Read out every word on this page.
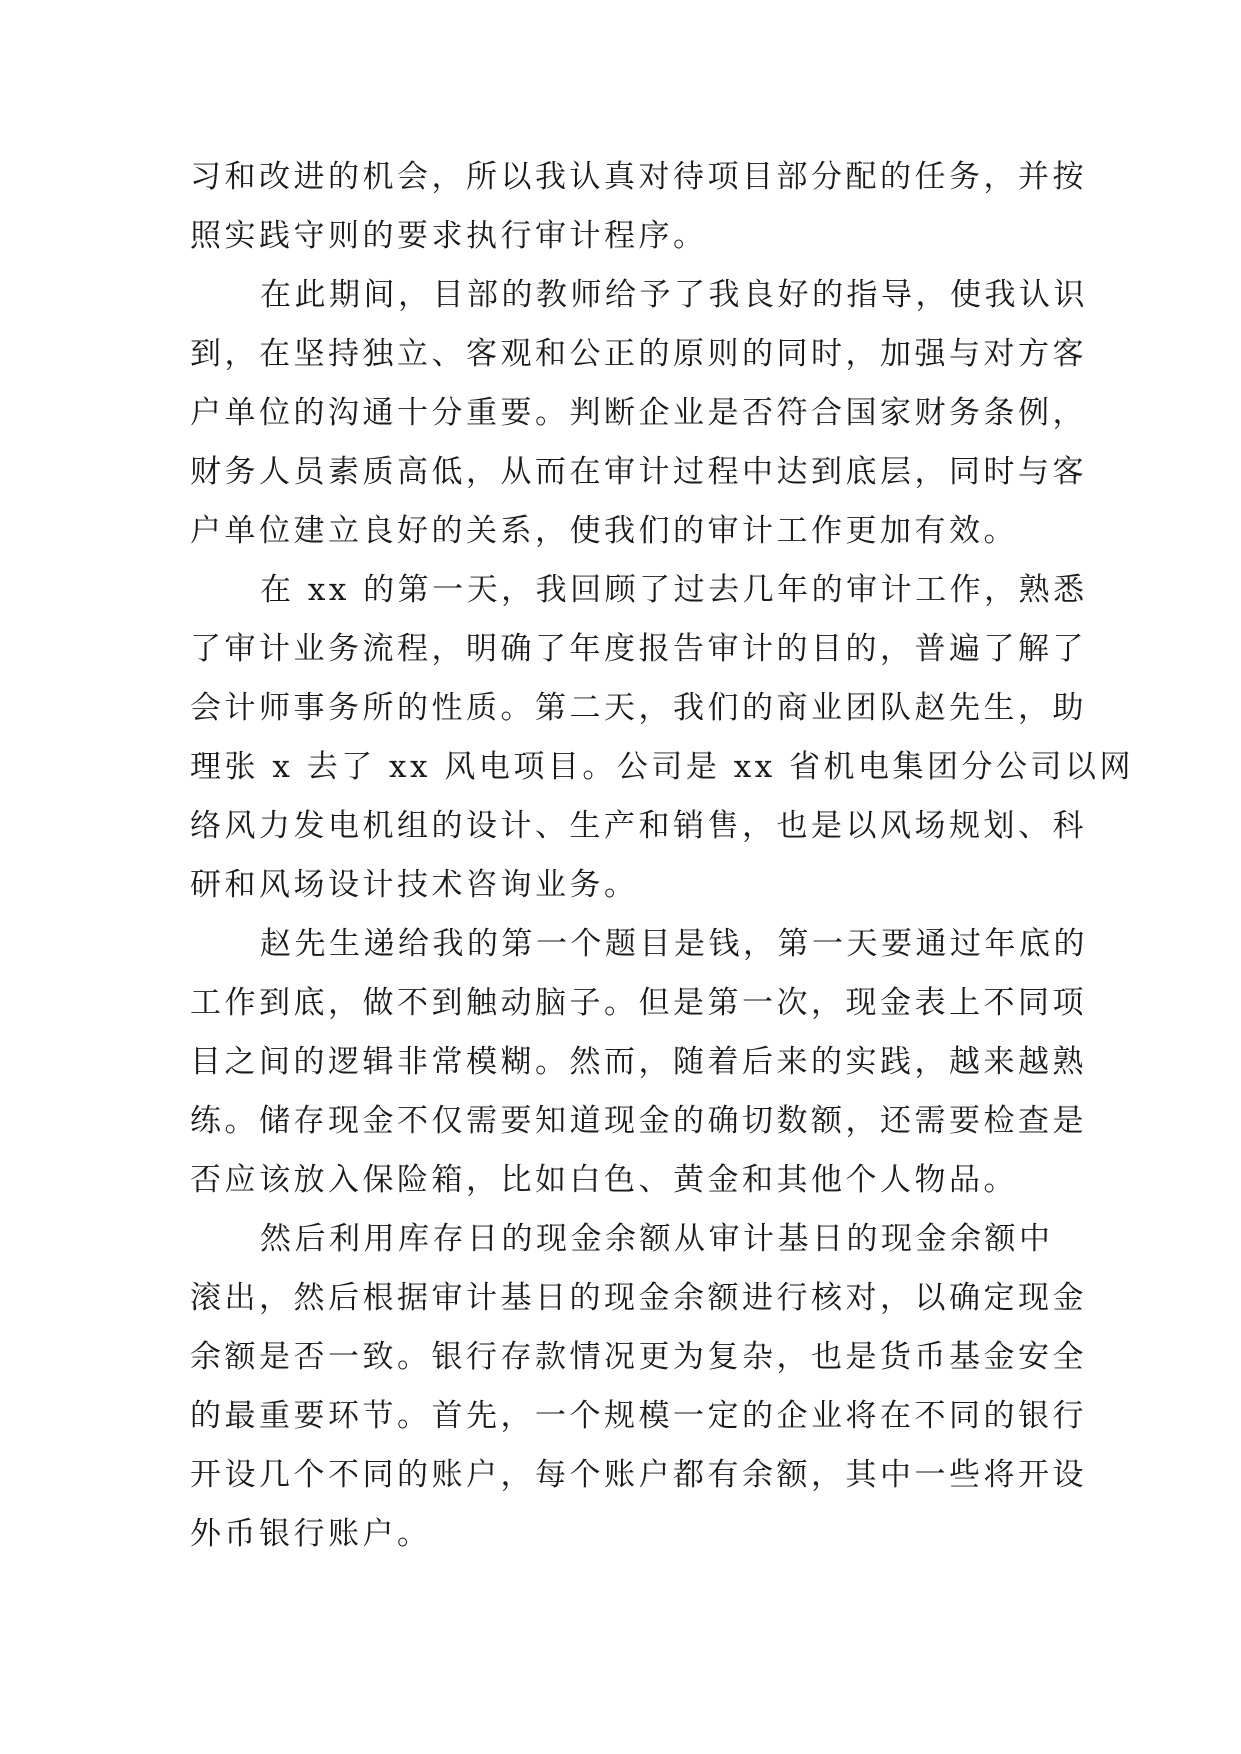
习和改进的机会，所以我认真对待项目部分配的任务，并按
照实践守则的要求执行审计程序。
在此期间，目部的教师给予了我良好的指导，使我认识
到，在坚持独立、客观和公正的原则的同时，加强与对方客
户单位的沟通十分重要。判断企业是否符合国家财务条例，
财务人员素质高低，从而在审计过程中达到底层，同时与客
户单位建立良好的关系，使我们的审计工作更加有效。
在 xx 的第一天，我回顾了过去几年的审计工作，熟悉
了审计业务流程，明确了年度报告审计的目的，普遍了解了
会计师事务所的性质。第二天，我们的商业团队赵先生，助
理张 x 去了 xx 风电项目。公司是 xx 省机电集团分公司以网
络风力发电机组的设计、生产和销售，也是以风场规划、科
研和风场设计技术咨询业务。
赵先生递给我的第一个题目是钱，第一天要通过年底的
工作到底，做不到触动脑子。但是第一次，现金表上不同项
目之间的逻辑非常模糊。然而，随着后来的实践，越来越熟
练。储存现金不仅需要知道现金的确切数额，还需要检查是
否应该放入保险箱，比如白色、黄金和其他个人物品。
然后利用库存日的现金余额从审计基日的现金余额中
滚出，然后根据审计基日的现金余额进行核对，以确定现金
余额是否一致。银行存款情况更为复杂，也是货币基金安全
的最重要环节。首先，一个规模一定的企业将在不同的银行
开设几个不同的账户，每个账户都有余额，其中一些将开设
外币银行账户。
